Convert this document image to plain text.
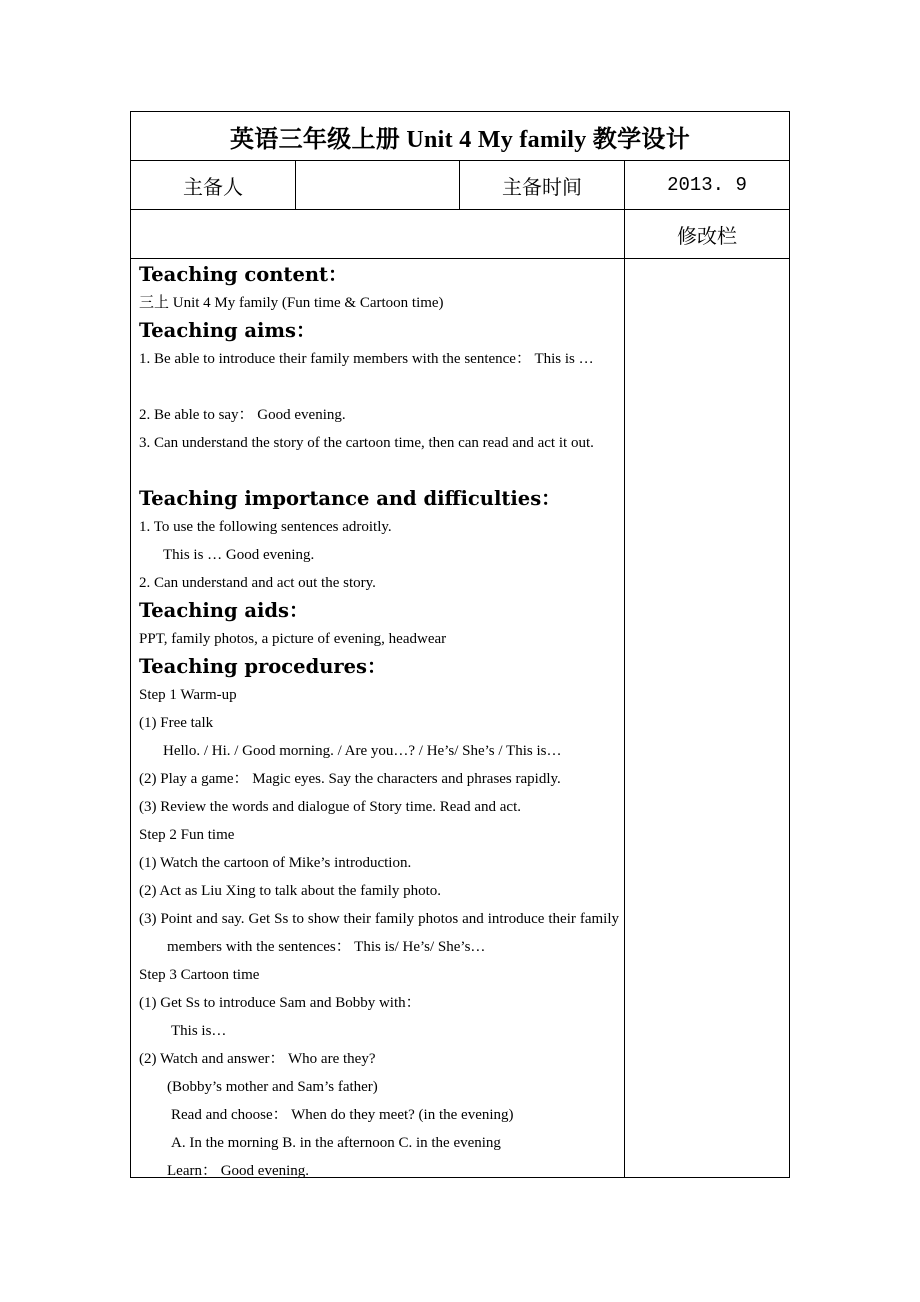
英语三年级上册 Unit 4 My family 教学设计
主备人	主备时间	2013. 9
修改栏
Teaching content：
三上 Unit 4 My family (Fun time & Cartoon time)
Teaching aims：
1. Be able to introduce their family members with the sentence： This is …
2. Be able to say： Good evening.
3. Can understand the story of the cartoon time, then can read and act it out.
Teaching importance and difficulties：
1. To use the following sentences adroitly.
This is … Good evening.
2. Can understand and act out the story.
Teaching aids：
PPT, family photos, a picture of evening, headwear
Teaching procedures：
Step 1 Warm-up
(1) Free talk
Hello. / Hi. / Good morning. / Are you…? / He’s/ She’s / This is…
(2) Play a game： Magic eyes. Say the characters and phrases rapidly.
(3) Review the words and dialogue of Story time. Read and act.
Step 2 Fun time
(1) Watch the cartoon of Mike’s introduction.
(2) Act as Liu Xing to talk about the family photo.
(3) Point and say. Get Ss to show their family photos and introduce their family members with the sentences： This is/ He’s/ She’s…
Step 3 Cartoon time
(1) Get Ss to introduce Sam and Bobby with：
This is…
(2) Watch and answer： Who are they?
(Bobby’s mother and Sam’s father)
Read and choose： When do they meet? (in the evening)
A. In the morning B. in the afternoon C. in the evening
Learn： Good evening.
